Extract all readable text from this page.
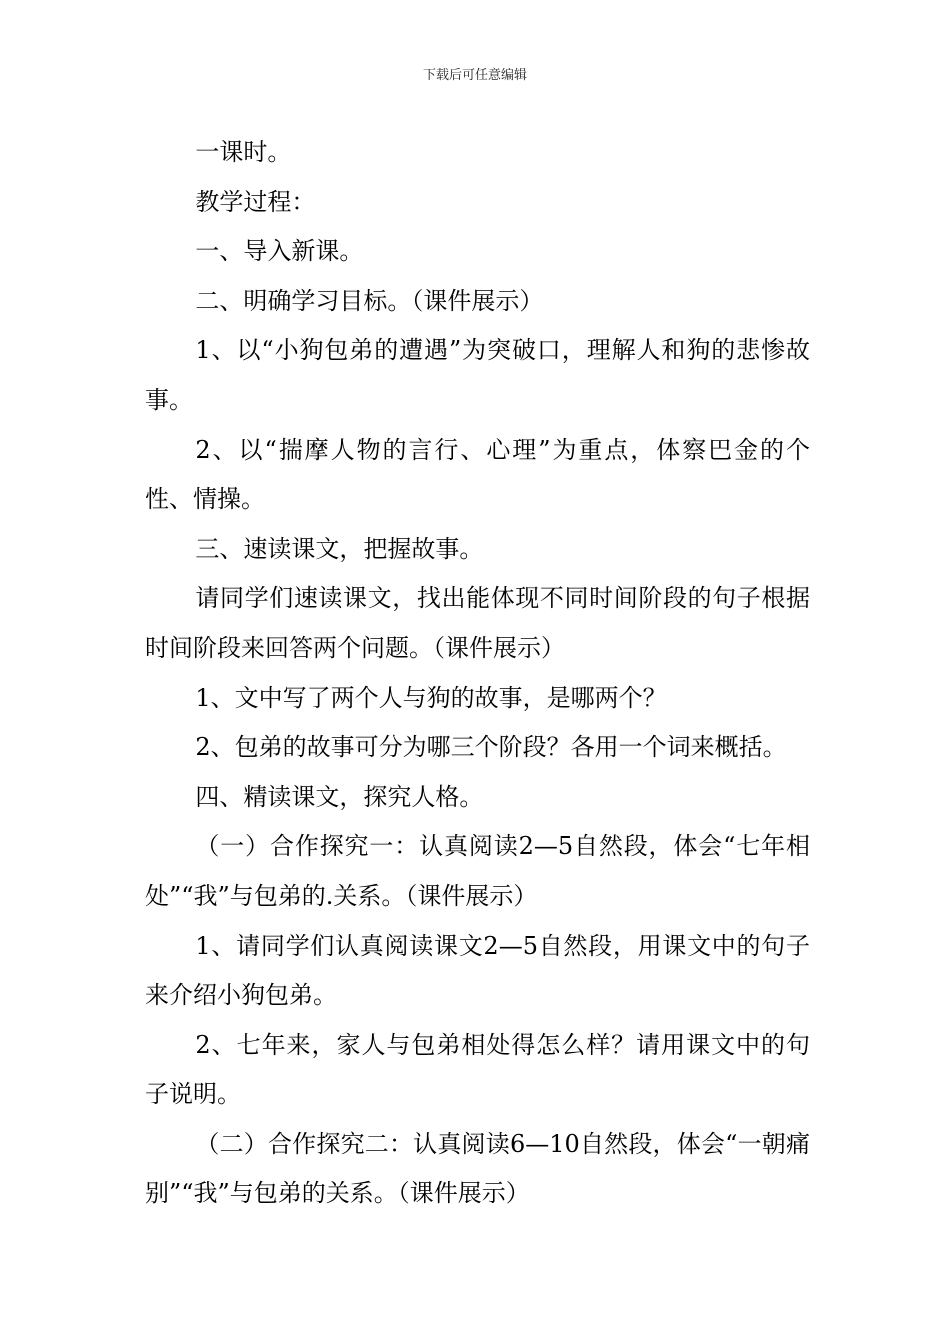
下载后可任意编辑

一课时。

教学过程：

一、导入新课。

二、明确学习目标。（课件展示）

1、以“小狗包弟的遭遇”为突破口，理解人和狗的悲惨故事。

2、以“揣摩人物的言行、心理”为重点，体察巴金的个性、情操。

三、速读课文，把握故事。

请同学们速读课文，找出能体现不同时间阶段的句子根据时间阶段来回答两个问题。（课件展示）

1、文中写了两个人与狗的故事，是哪两个？

2、包弟的故事可分为哪三个阶段？各用一个词来概括。

四、精读课文，探究人格。

（一）合作探究一：认真阅读2—5自然段，体会“七年相处”“我”与包弟的.关系。（课件展示）

1、请同学们认真阅读课文2—5自然段，用课文中的句子来介绍小狗包弟。

2、七年来，家人与包弟相处得怎么样？请用课文中的句子说明。

（二）合作探究二：认真阅读6—10自然段，体会“一朝痛别”“我”与包弟的关系。（课件展示）
